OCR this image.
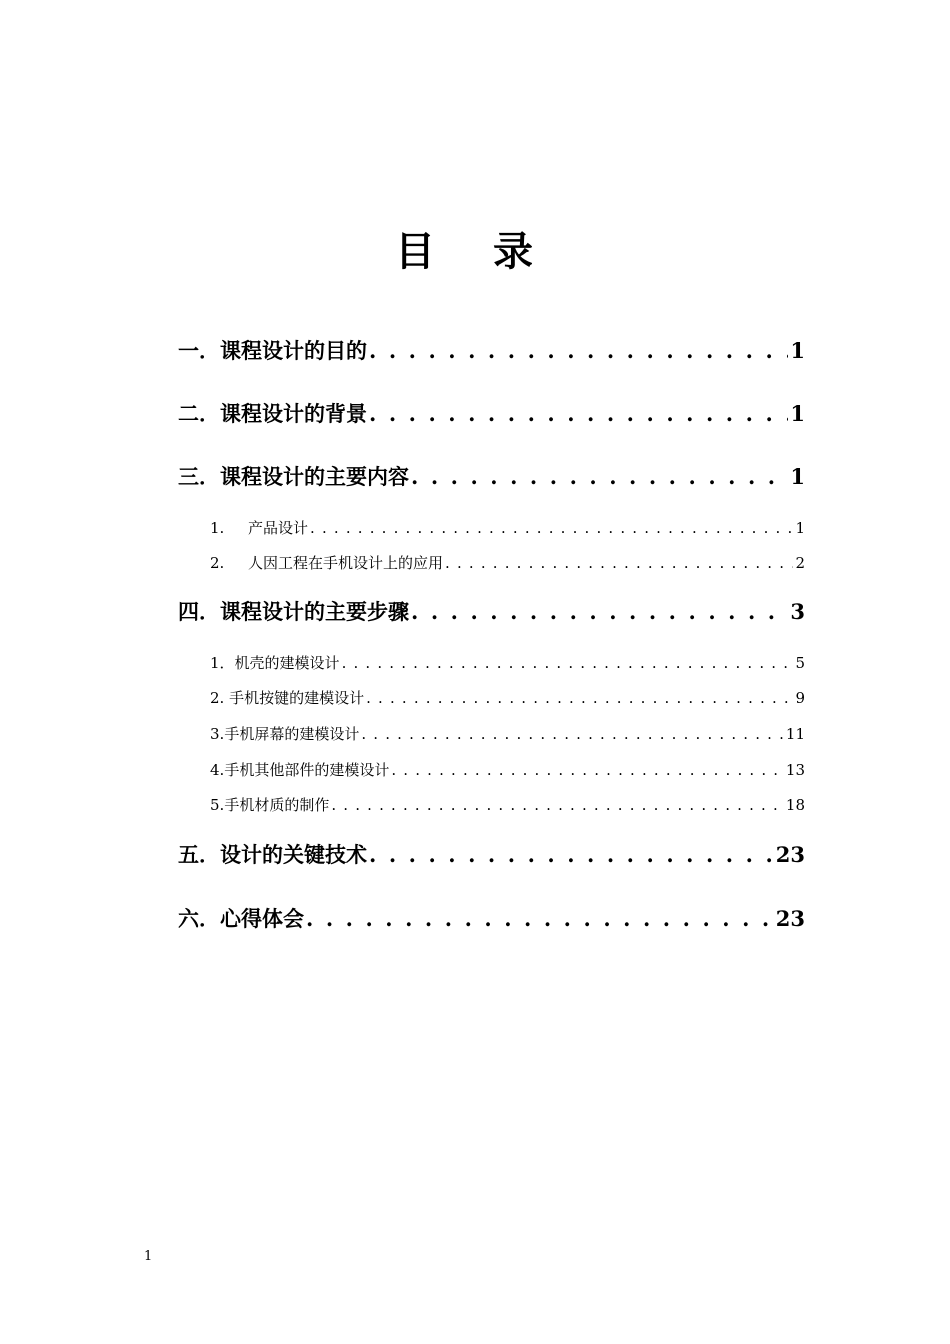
目 录
一． 课程设计的目的 . . .	1
二． 课程设计的背景 . . .	1
三． 课程设计的主要内容 . . .	1
1.	产品设计 . . .	1
2.	人因工程在手机设计上的应用 . . .	2
四． 课程设计的主要步骤 . . .	3
1． 机壳的建模设计 . . .	5
2. 手机按键的建模设计 . . .	9
3. 手机屏幕的建模设计 . . .	11
4. 手机其他部件的建模设计 . . .	13
5. 手机材质的制作 . . .	18
五． 设计的关键技术 . . .	23
六． 心得体会 . . .	23
1
